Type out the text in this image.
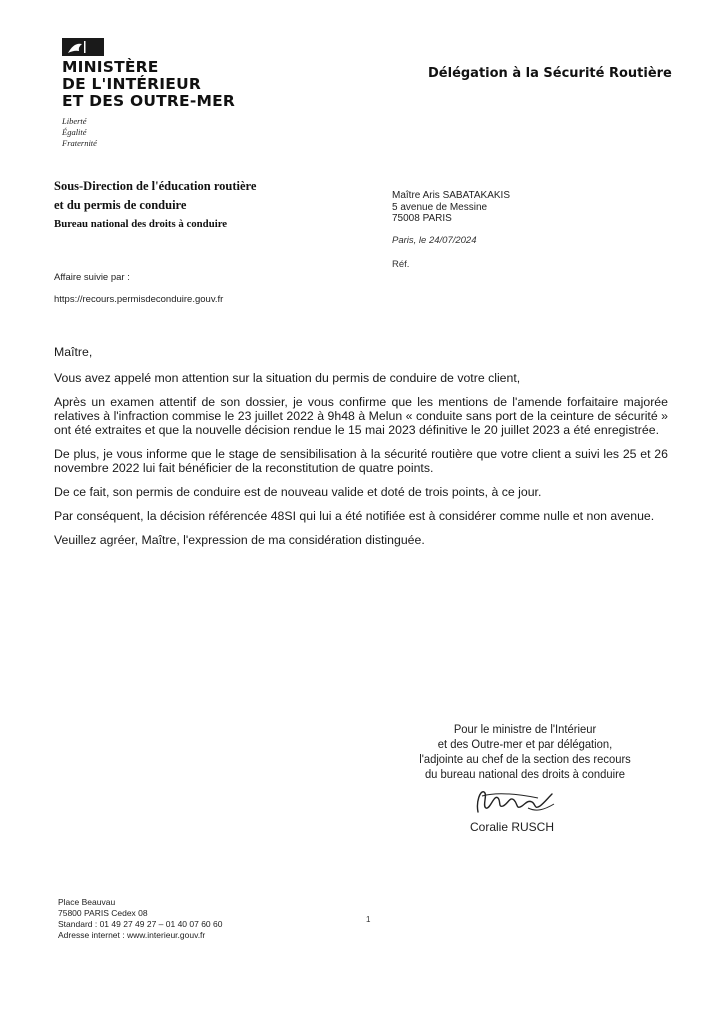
MINISTÈRE
DE L'INTÉRIEUR
ET DES OUTRE-MER
Liberté
Égalité
Fraternité
Délégation à la Sécurité Routière
Sous-Direction de l'éducation routière
et du permis de conduire
Bureau national des droits à conduire
Maître Aris SABATAKAKIS
5 avenue de Messine
75008 PARIS
Paris, le 24/07/2024
Réf.
Affaire suivie par :
https://recours.permisdeconduire.gouv.fr

Maître,

Vous avez appelé mon attention sur la situation du permis de conduire de votre client,

Après un examen attentif de son dossier, je vous confirme que les mentions de l'amende forfaitaire majorée relatives à l'infraction commise le 23 juillet 2022 à 9h48 à Melun « conduite sans port de la ceinture de sécurité » ont été extraites et que la nouvelle décision rendue le 15 mai 2023 définitive le 20 juillet 2023 a été enregistrée.

De plus, je vous informe que le stage de sensibilisation à la sécurité routière que votre client a suivi les 25 et 26 novembre 2022 lui fait bénéficier de la reconstitution de quatre points.

De ce fait, son permis de conduire est de nouveau valide et doté de trois points, à ce jour.

Par conséquent, la décision référencée 48SI qui lui a été notifiée est à considérer comme nulle et non avenue.

Veuillez agréer, Maître, l'expression de ma considération distinguée.

Pour le ministre de l'Intérieur
et des Outre-mer et par délégation,
l'adjointe au chef de la section des recours
du bureau national des droits à conduire
Coralie RUSCH
Place Beauvau
75800 PARIS Cedex 08
Standard : 01 49 27 49 27 – 01 40 07 60 60
Adresse internet : www.interieur.gouv.fr
1
